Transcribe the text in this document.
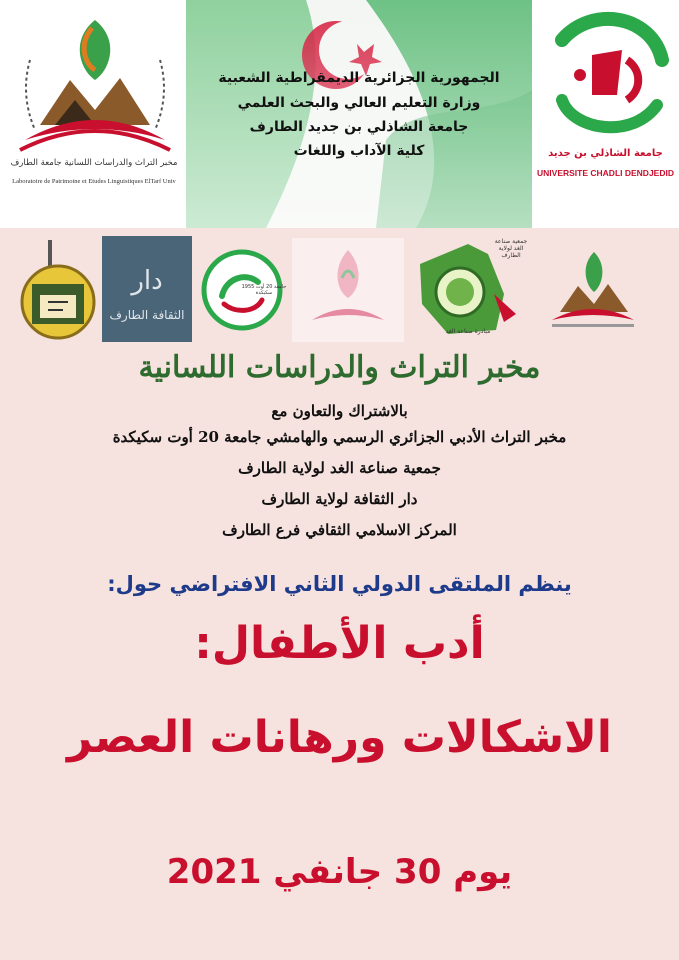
مخبر التراث والدراسات اللسانية جامعة الطارف
Laboratoire de Patrimoine et Etudes Linguistiques ElTarf Univ
الجمهورية الجزائرية الديمقراطية الشعبية
وزارة التعليم العالي والبحث العلمي
جامعة الشاذلي بن جديد الطارف
كلية الآداب واللغات	جامعة الشاذلي بن جديد
UNIVERSITE CHADLI DENDJEDID
دار
الثقافة الطارف
جامعة 20 أوت 1955 سكيكدة
جمعية صناعة الغد لولاية الطارف
مبادرة صناعة الغد
مخبر التراث والدراسات اللسانية
بالاشتراك والتعاون مع
مخبر التراث الأدبي الجزائري الرسمي والهامشي جامعة 20 أوت سكيكدة
جمعية صناعة الغد لولاية الطارف
دار الثقافة لولاية الطارف
المركز الاسلامي الثقافي فرع الطارف
ينظم الملتقى الدولي الثاني الافتراضي حول:
أدب الأطفال:
الاشكالات ورهانات العصر
يوم 30 جانفي 2021
